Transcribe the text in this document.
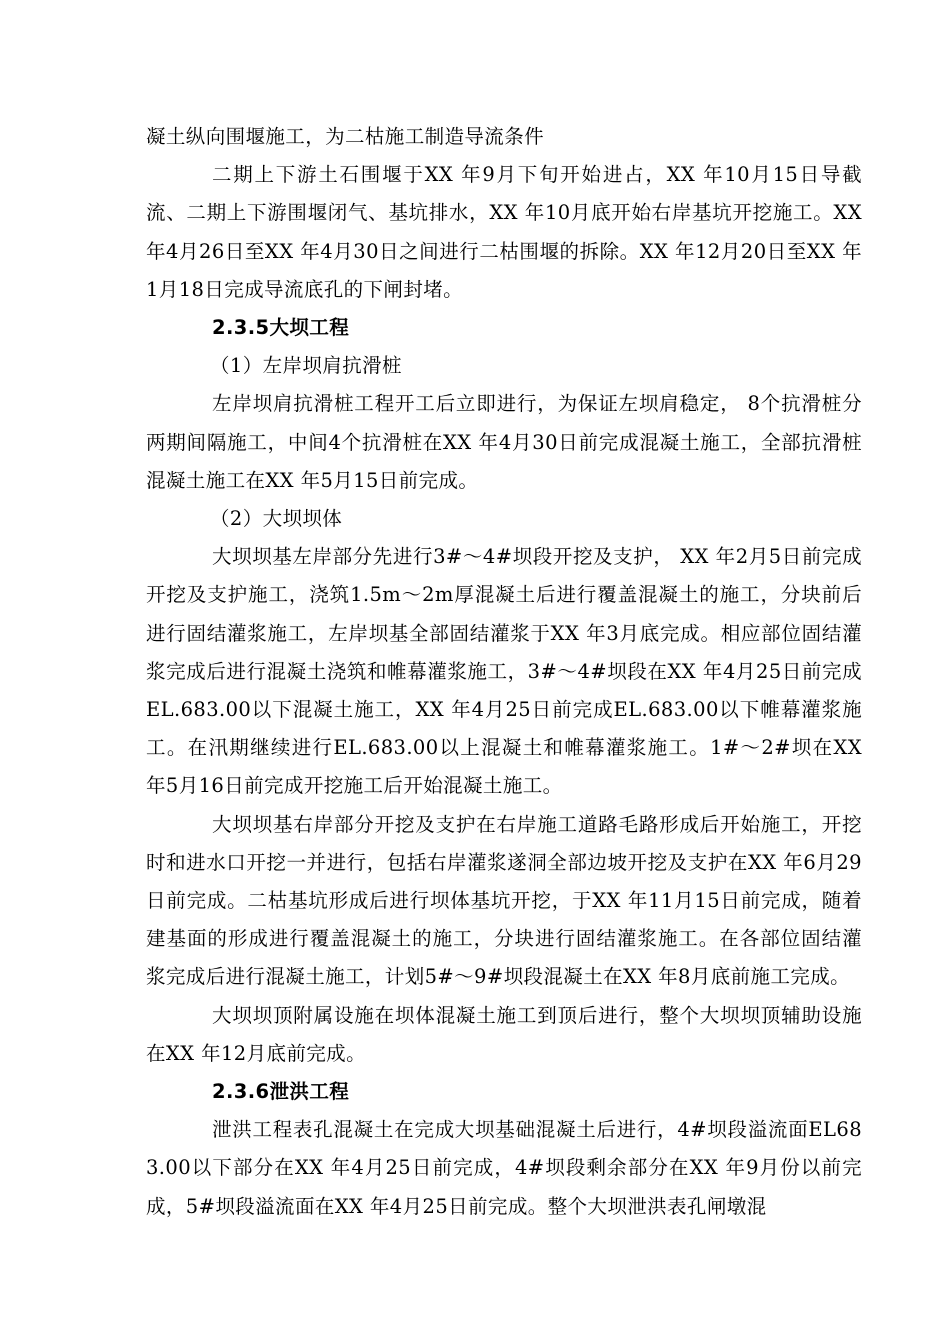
凝土纵向围堰施工，为二枯施工制造导流条件

二期上下游土石围堰于XX 年9月下旬开始进占，XX 年10月15日导截流、二期上下游围堰闭气、基坑排水，XX 年10月底开始右岸基坑开挖施工。XX 年4月26日至XX 年4月30日之间进行二枯围堰的拆除。XX 年12月20日至XX 年1月18日完成导流底孔的下闸封堵。

2.3.5大坝工程

（1）左岸坝肩抗滑桩

左岸坝肩抗滑桩工程开工后立即进行，为保证左坝肩稳定， 8个抗滑桩分两期间隔施工，中间4个抗滑桩在XX 年4月30日前完成混凝土施工，全部抗滑桩混凝土施工在XX 年5月15日前完成。

（2）大坝坝体

大坝坝基左岸部分先进行3#～4#坝段开挖及支护， XX 年2月5日前完成开挖及支护施工，浇筑1.5m～2m厚混凝土后进行覆盖混凝土的施工，分块前后进行固结灌浆施工，左岸坝基全部固结灌浆于XX 年3月底完成。相应部位固结灌浆完成后进行混凝土浇筑和帷幕灌浆施工，3#～4#坝段在XX 年4月25日前完成EL.683.00以下混凝土施工，XX 年4月25日前完成EL.683.00以下帷幕灌浆施工。在汛期继续进行EL.683.00以上混凝土和帷幕灌浆施工。1#～2#坝在XX 年5月16日前完成开挖施工后开始混凝土施工。

大坝坝基右岸部分开挖及支护在右岸施工道路毛路形成后开始施工，开挖时和进水口开挖一并进行，包括右岸灌浆遂洞全部边坡开挖及支护在XX 年6月29日前完成。二枯基坑形成后进行坝体基坑开挖，于XX 年11月15日前完成，随着建基面的形成进行覆盖混凝土的施工，分块进行固结灌浆施工。在各部位固结灌浆完成后进行混凝土施工，计划5#～9#坝段混凝土在XX 年8月底前施工完成。

大坝坝顶附属设施在坝体混凝土施工到顶后进行，整个大坝坝顶辅助设施在XX 年12月底前完成。

2.3.6泄洪工程

泄洪工程表孔混凝土在完成大坝基础混凝土后进行，4#坝段溢流面EL683.00以下部分在XX 年4月25日前完成，4#坝段剩余部分在XX 年9月份以前完成，5#坝段溢流面在XX 年4月25日前完成。整个大坝泄洪表孔闸墩混
